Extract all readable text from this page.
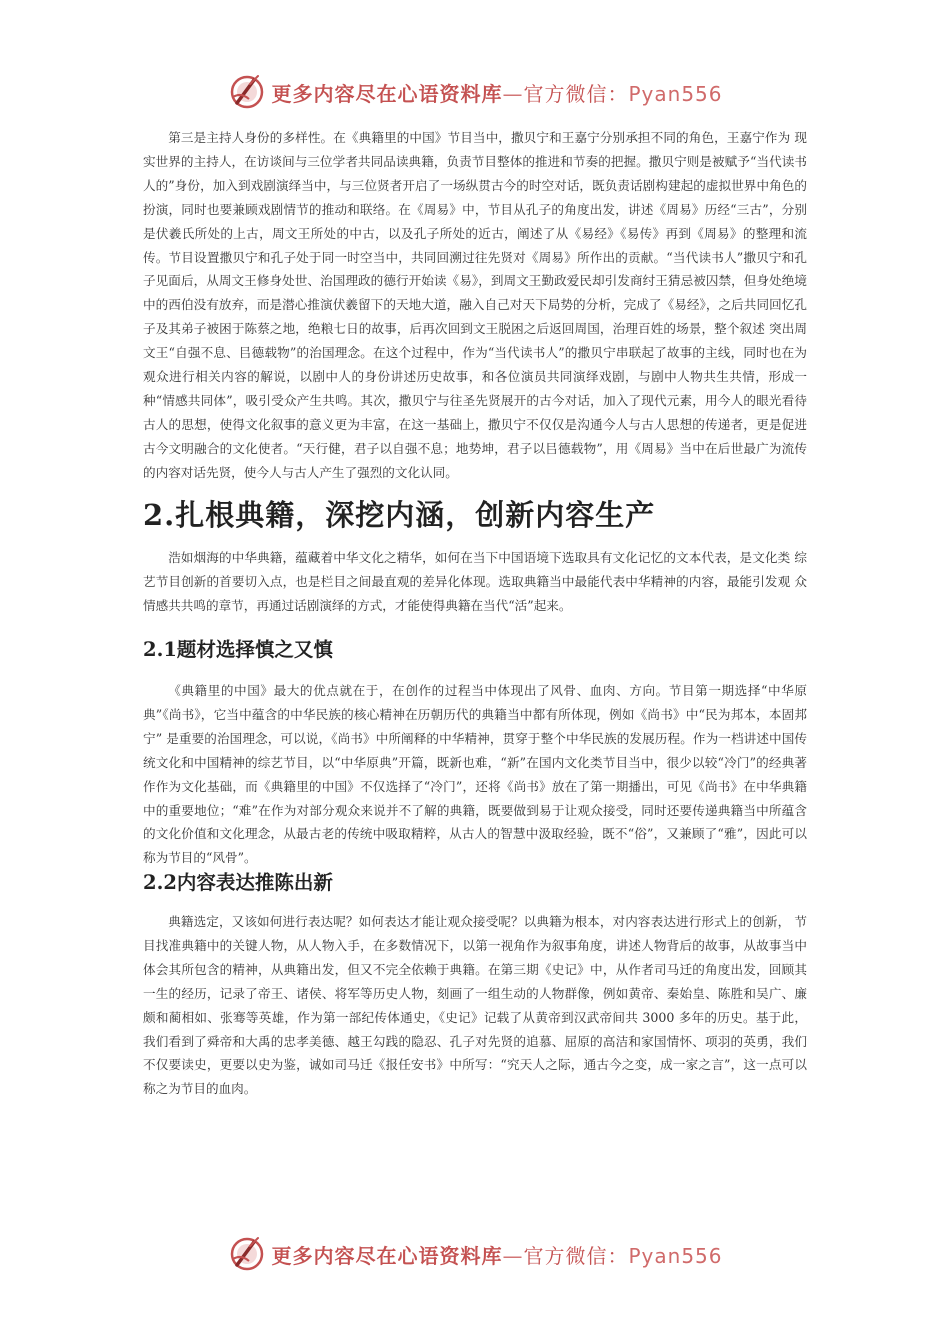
更多内容尽在心语资料库—官方微信：Pyan556

第三是主持人身份的多样性。在《典籍里的中国》节目当中，撒贝宁和王嘉宁分别承担不同的角色，王嘉宁作为 现实世界的主持人，在访谈间与三位学者共同品读典籍，负责节目整体的推进和节奏的把握。撒贝宁则是被赋予“当代读书人的”身份，加入到戏剧演绎当中，与三位贤者开启了一场纵贯古今的时空对话，既负责话剧构建起的虚拟世界中角色的扮演，同时也要兼顾戏剧情节的推动和联络。在《周易》中，节目从孔子的角度出发，讲述《周易》历经“三古”，分别是伏羲氏所处的上古，周文王所处的中古，以及孔子所处的近古，阐述了从《易经》《易传》再到《周易》的整理和流传。节目设置撒贝宁和孔子处于同一时空当中，共同回溯过往先贤对《周易》所作出的贡献。“当代读书人”撒贝宁和孔子见面后，从周文王修身处世、治国理政的德行开始读《易》，到周文王勤政爱民却引发商纣王猜忌被囚禁，但身处绝境中的西伯没有放弃，而是潜心推演伏羲留下的天地大道，融入自己对天下局势的分析，完成了《易经》，之后共同回忆孔子及其弟子被困于陈蔡之地，绝粮七日的故事，后再次回到文王脱困之后返回周国，治理百姓的场景，整个叙述 突出周文王“自强不息、㠯德载物”的治国理念。在这个过程中，作为“当代读书人”的撒贝宁串联起了故事的主线，同时也在为观众进行相关内容的解说，以剧中人的身份讲述历史故事，和各位演员共同演绎戏剧，与剧中人物共生共情，形成一种“情感共同体”，吸引受众产生共鸣。其次，撒贝宁与往圣先贤展开的古今对话，加入了现代元素，用今人的眼光看待古人的思想，使得文化叙事的意义更为丰富，在这一基础上，撒贝宁不仅仅是沟通今人与古人思想的传递者，更是促进古今文明融合的文化使者。“天行健，君子以自强不息；地势坤，君子以㠯德载物”，用《周易》当中在后世最广为流传的内容对话先贤，使今人与古人产生了强烈的文化认同。

2.扎根典籍，深挖内涵，创新内容生产

浩如烟海的中华典籍，蕴藏着中华文化之精华，如何在当下中国语境下选取具有文化记忆的文本代表，是文化类 综艺节目创新的首要切入点，也是栏目之间最直观的差异化体现。选取典籍当中最能代表中华精神的内容，最能引发观 众情感共共鸣的章节，再通过话剧演绎的方式，才能使得典籍在当代“活”起来。

2.1题材选择慎之又慎

《典籍里的中国》最大的优点就在于，在创作的过程当中体现出了风骨、血肉、方向。节目第一期选择“中华原典”《尚书》，它当中蕴含的中华民族的核心精神在历朝历代的典籍当中都有所体现，例如《尚书》中“民为邦本，本固邦宁” 是重要的治国理念，可以说，《尚书》中所阐释的中华精神，贯穿于整个中华民族的发展历程。作为一档讲述中国传统文化和中国精神的综艺节目，以“中华原典”开篇，既新也难，“新”在国内文化类节目当中，很少以较“冷门”的经典著作作为文化基础，而《典籍里的中国》不仅选择了“冷门”，还将《尚书》放在了第一期播出，可见《尚书》在中华典籍中的重要地位；“难”在作为对部分观众来说并不了解的典籍，既要做到易于让观众接受，同时还要传递典籍当中所蕴含的文化价值和文化理念，从最古老的传统中吸取精粹，从古人的智慧中汲取经验，既不“俗”，又兼顾了“雅”，因此可以称为节目的“风骨”。

2.2内容表达推陈出新

典籍选定，又该如何进行表达呢？如何表达才能让观众接受呢？以典籍为根本，对内容表达进行形式上的创新， 节目找准典籍中的关键人物，从人物入手，在多数情况下，以第一视角作为叙事角度，讲述人物背后的故事，从故事当中体会其所包含的精神，从典籍出发，但又不完全依赖于典籍。在第三期《史记》中，从作者司马迁的角度出发，回顾其一生的经历，记录了帝王、诸侯、将军等历史人物，刻画了一组生动的人物群像，例如黄帝、秦始皇、陈胜和吴广、廉颇和蔺相如、张骞等英雄，作为第一部纪传体通史，《史记》记载了从黄帝到汉武帝间共 3000 多年的历史。基于此， 我们看到了舜帝和大禹的忠孝美德、越王勾践的隐忍、孔子对先贤的追慕、屈原的高洁和家国情怀、项羽的英勇，我们不仅要读史，更要以史为鉴，诚如司马迁《报任安书》中所写：“究天人之际，通古今之变，成一家之言”，这一点可以 称之为节目的血肉。

更多内容尽在心语资料库—官方微信：Pyan556
